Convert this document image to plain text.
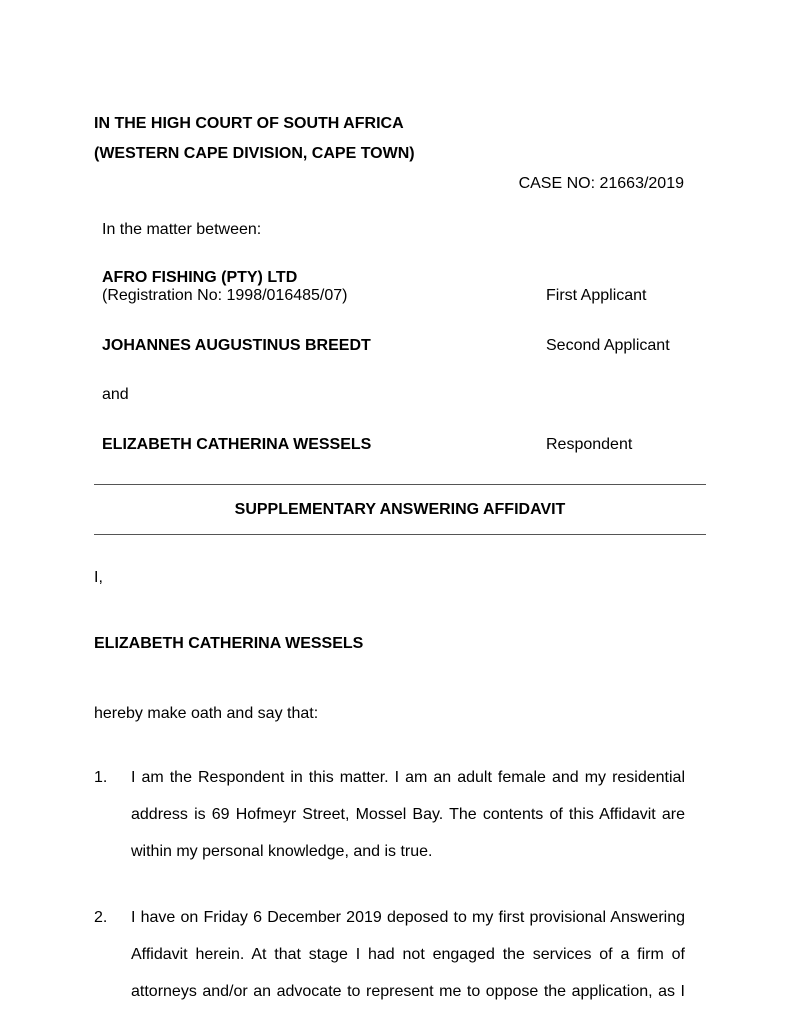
IN THE HIGH COURT OF SOUTH AFRICA
(WESTERN CAPE DIVISION, CAPE TOWN)
CASE NO: 21663/2019
In the matter between:
AFRO FISHING (PTY) LTD
(Registration No: 1998/016485/07)	First Applicant
JOHANNES AUGUSTINUS BREEDT	Second Applicant
and
ELIZABETH CATHERINA WESSELS	Respondent
SUPPLEMENTARY ANSWERING AFFIDAVIT
I,
ELIZABETH CATHERINA WESSELS
hereby make oath and say that:
1. I am the Respondent in this matter. I am an adult female and my residential
address is 69 Hofmeyr Street, Mossel Bay. The contents of this Affidavit are
within my personal knowledge, and is true.
2. I have on Friday 6 December 2019 deposed to my first provisional Answering
Affidavit herein. At that stage I had not engaged the services of a firm of
attorneys and/or an advocate to represent me to oppose the application, as I
